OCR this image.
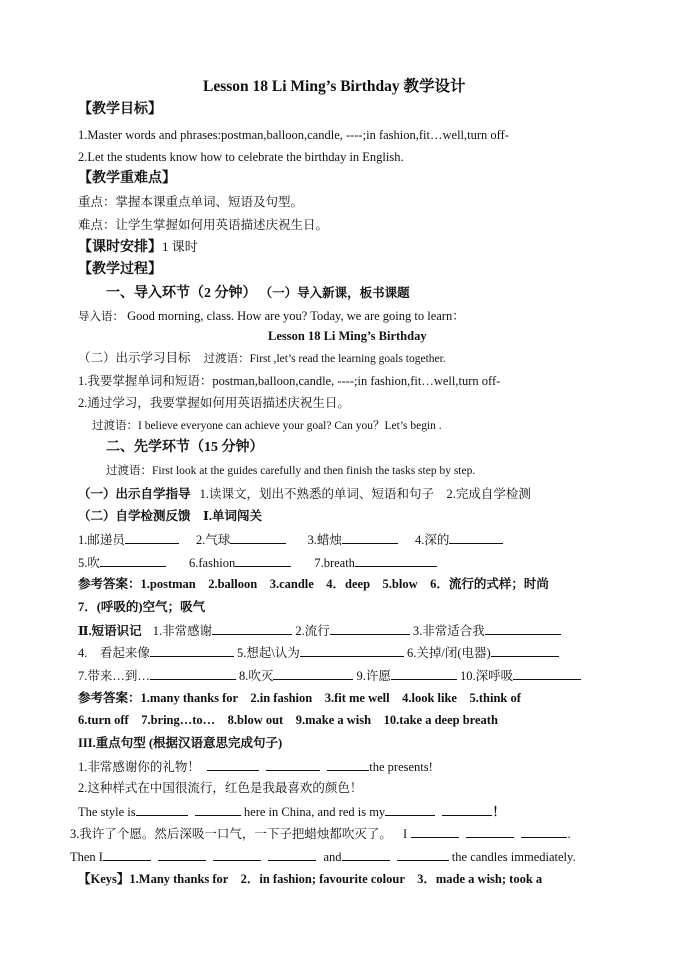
Lesson 18 Li Ming’s Birthday 教学设计
【教学目标】
1.Master words and phrases:postman,balloon,candle, ----;in fashion,fit…well,turn off-
2.Let the students know how to celebrate the birthday in English.
【教学重难点】
重点：掌握本课重点单词、短语及句型。
难点：让学生掌握如何用英语描述庆祝生日。
【课时安排】1 课时
【教学过程】
一、导入环节（2 分钟） （一）导入新课，板书课题
导入语： Good morning, class. How are you? Today, we are going to learn：
Lesson 18 Li Ming’s Birthday
（二）出示学习目标 过渡语：First ,let’s read the learning goals together.
1.我要掌握单词和短语：postman,balloon,candle, ----;in fashion,fit…well,turn off-
2.通过学习，我要掌握如何用英语描述庆祝生日。
过渡语：I believe everyone can achieve your goal? Can you？Let’s begin .
二、先学环节（15 分钟）
过渡语：First look at the guides carefully and then finish the tasks step by step.
（一）出示自学指导 1.读课文，划出不熟悉的单词、短语和句子　2.完成自学检测
（二）自学检测反馈　Ⅰ.单词闯关
1.邮递员	2.气球	3.蜡烛	4.深的
5.吹	6.fashion	7.breath
参考答案：1.postman　2.balloon　3.candle　4．deep　5.blow　6．流行的式样；时尚
7．(呼吸的)空气；吸气
Ⅱ.短语识记 1.非常感谢	2.流行	3.非常适合我
4.　看起来像	5.想起\认为	6.关掉/闭(电器)
7.带来…到…	8.吹灭	9.许愿	10.深呼吸
参考答案：1.many thanks for　2.in fashion　3.fit me well　4.look like　5.think of
6.turn off　7.bring…to…　8.blow out　9.make a wish　10.take a deep breath
III.重点句型 (根据汉语意思完成句子)
1.非常感谢你的礼物！	the presents!
2.这种样式在中国很流行，红色是我最喜欢的颜色！
The style is	here in China, and red is my	！
3.我许了个愿。然后深吸一口气，一下子把蜡烛都吹灭了。 I	.
Then I	and	the candles immediately.
【Keys】1.Many thanks for　2．in fashion; favourite colour　3．made a wish; took a
